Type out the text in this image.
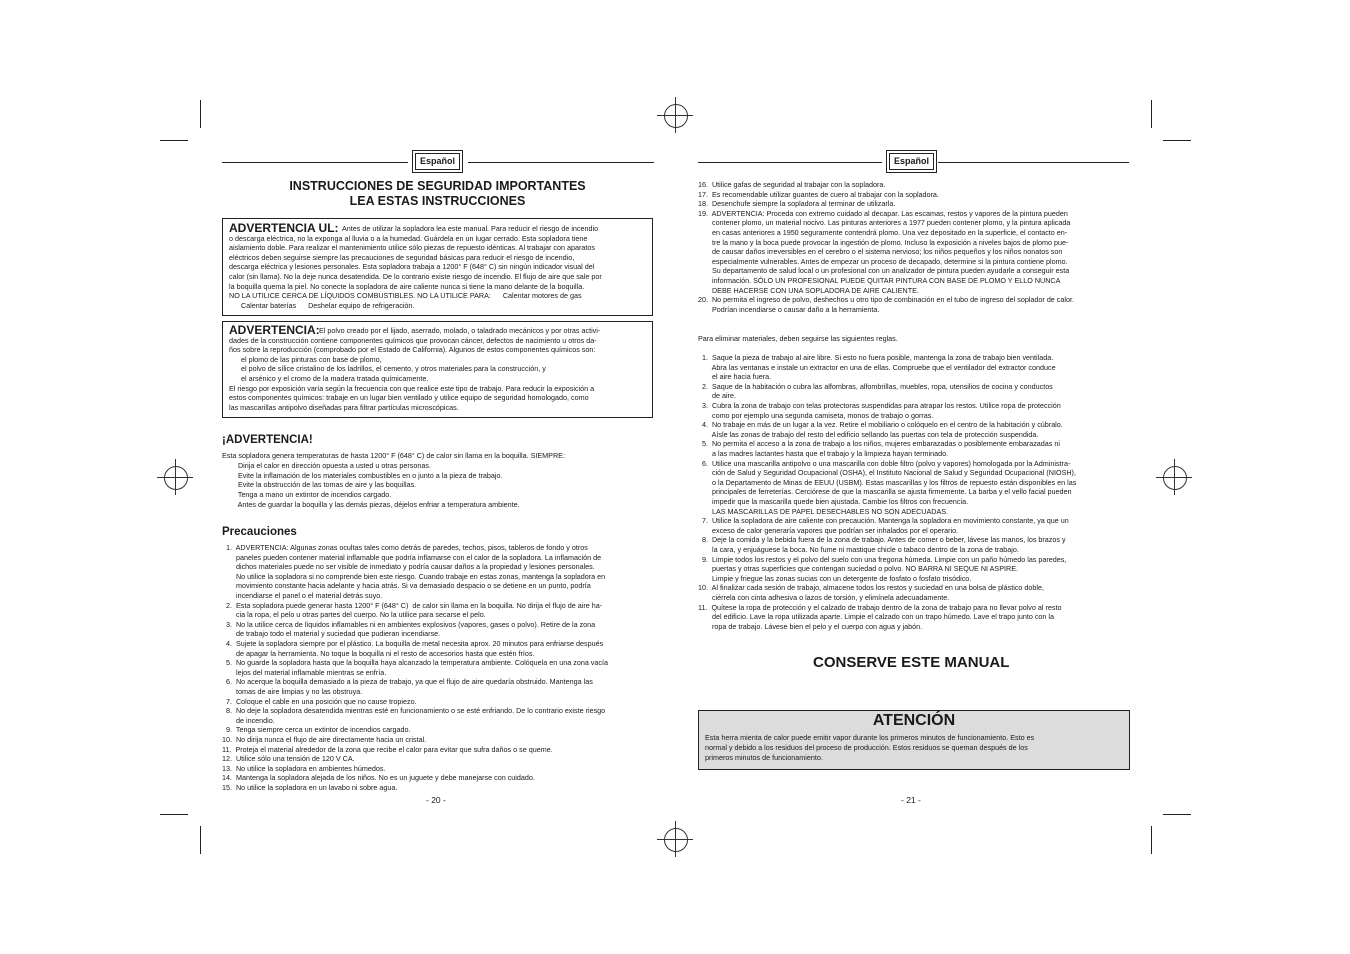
Español
INSTRUCCIONES DE SEGURIDAD IMPORTANTES
LEA ESTAS INSTRUCCIONES
ADVERTENCIA UL: Antes de utilizar la sopladora lea este manual. Para reducir el riesgo de incendio
o descarga eléctrica, no la exponga al lluvia o a la humedad. Guárdela en un lugar cerrado. Esta sopladora tiene
aislamiento doble. Para realizar el mantenimiento utilice sólo piezas de repuesto idénticas. Al trabajar con aparatos
eléctricos deben seguirse siempre las precauciones de seguridad básicas para reducir el riesgo de incendio,
descarga eléctrica y lesiones personales. Esta sopladora trabaja a 1200° F (648° C) sin ningún indicador visual del
calor (sin llama). No la deje nunca desatendida. De lo contrario existe riesgo de incendio. El flujo de aire que sale por
la boquilla quema la piel. No conecte la sopladora de aire caliente nunca si tiene la mano delante de la boquilla.
NO LA UTILICE CERCA DE LÍQUIDOS COMBUSTIBLES. NO LA UTILICE PARA:      Calentar motores de gas
Calentar baterías      Deshelar equipo de refrigeración.
ADVERTENCIA: El polvo creado por el lijado, aserrado, molado, o taladrado mecánicos y por otras activi-
dades de la construcción contiene componentes químicos que provocan cáncer, defectos de nacimiento u otros da-
ños sobre la reproducción (comprobado por el Estado de California). Algunos de estos componentes químicos son:
el plomo de las pinturas con base de plomo,
el polvo de sílice cristalino de los ladrillos, el cemento, y otros materiales para la construcción, y
el arsénico y el cromo de la madera tratada químicamente.
El riesgo por exposición varía según la frecuencia con que realice este tipo de trabajo. Para reducir la exposición a
estos componentes químicos: trabaje en un lugar bien ventilado y utilice equipo de seguridad homologado, como
las mascarillas antipolvo diseñadas para filtrar partículas microscópicas.
¡ADVERTENCIA!
Esta sopladora genera temperaturas de hasta 1200° F (648° C) de calor sin llama en la boquilla. SIEMPRE:
Dirija el calor en dirección opuesta a usted u otras personas.
Evite la inflamación de los materiales combustibles en o junto a la pieza de trabajo.
Evite la obstrucción de las tomas de aire y las boquillas.
Tenga a mano un extintor de incendios cargado.
Antes de guardar la boquilla y las demás piezas, déjelos enfriar a temperatura ambiente.
Precauciones
1.  ADVERTENCIA: Algunas zonas ocultas tales como detrás de paredes, techos, pisos, tableros de fondo y otros
paneles pueden contener material inflamable que podría inflamarse con el calor de la sopladora. La inflamación de
dichos materiales puede no ser visible de inmediato y podría causar daños a la propiedad y lesiones personales.
No utilice la sopladora si no comprende bien este riesgo. Cuando trabaje en estas zonas, mantenga la sopladora en
movimiento constante hacia adelante y hacia atrás. Si va demasiado despacio o se detiene en un punto, podría
incendiarse el panel o el material detrás suyo.
2.  Esta sopladora puede generar hasta 1200° F (648° C)  de calor sin llama en la boquilla. No dirija el flujo de aire ha-
cia la ropa, el pelo u otras partes del cuerpo. No la utilice para secarse el pelo.
3.  No la utilice cerca de líquidos inflamables ni en ambientes explosivos (vapores, gases o polvo). Retire de la zona
de trabajo todo el material y suciedad que pudieran incendiarse.
4.  Sujete la sopladora siempre por el plástico. La boquilla de metal necesita aprox. 20 minutos para enfriarse después
de apagar la herramienta. No toque la boquilla ni el resto de accesorios hasta que estén fríos.
5.  No guarde la sopladora hasta que la boquilla haya alcanzado la temperatura ambiente. Colóquela en una zona vacía
lejos del material inflamable mientras se enfría.
6.  No acerque la boquilla demasiado a la pieza de trabajo, ya que el flujo de aire quedaría obstruido. Mantenga las
tomas de aire limpias y no las obstruya.
7.  Coloque el cable en una posición que no cause tropiezo.
8.  No deje la sopladora desatendida mientras esté en funcionamiento o se esté enfriando. De lo contrario existe riesgo
de incendio.
9.  Tenga siempre cerca un extintor de incendios cargado.
10.  No dirija nunca el flujo de aire directamente hacia un cristal.
11.  Proteja el material alrededor de la zona que recibe el calor para evitar que sufra daños o se queme.
12.  Utilice sólo una tensión de 120 V CA.
13.  No utilice la sopladora en ambientes húmedos.
14.  Mantenga la sopladora alejada de los niños. No es un juguete y debe manejarse con cuidado.
15.  No utilice la sopladora en un lavabo ni sobre agua.
- 20 -
Español
16.  Utilice gafas de seguridad al trabajar con la sopladora.
17.  Es recomendable utilizar guantes de cuero al trabajar con la sopladora.
18.  Desenchufe siempre la sopladora al terminar de utilizarla.
19.  ADVERTENCIA: Proceda con extremo cuidado al decapar. Las escamas, restos y vapores de la pintura pueden
contener plomo, un material nocivo. Las pinturas anteriores a 1977 pueden contener plomo, y la pintura aplicada
en casas anteriores a 1950 seguramente contendrá plomo. Una vez depositado en la superficie, el contacto en-
tre la mano y la boca puede provocar la ingestión de plomo. Incluso la exposición a niveles bajos de plomo pue-
de causar daños irreversibles en el cerebro o el sistema nervioso; los niños pequeños y los niños nonatos son
especialmente vulnerables. Antes de empezar un proceso de decapado, determine si la pintura contiene plomo.
Su departamento de salud local o un profesional con un analizador de pintura pueden ayudarle a conseguir esta
información. SÓLO UN PROFESIONAL PUEDE QUITAR PINTURA CON BASE DE PLOMO Y ELLO NUNCA
DEBE HACERSE CON UNA SOPLADORA DE AIRE CALIENTE.
20.  No permita el ingreso de polvo, deshechos u otro tipo de combinación en el tubo de ingreso del soplador de calor.
Podrían incendiarse o causar daño a la herramienta.
Para eliminar materiales, deben seguirse las siguientes reglas.
1.  Saque la pieza de trabajo al aire libre. Si esto no fuera posible, mantenga la zona de trabajo bien ventilada.
Abra las ventanas e instale un extractor en una de ellas. Compruebe que el ventilador del extractor conduce
el aire hacia fuera.
2.  Saque de la habitación o cubra las alfombras, alfombrillas, muebles, ropa, utensilios de cocina y conductos
de aire.
3.  Cubra la zona de trabajo con telas protectoras suspendidas para atrapar los restos. Utilice ropa de protección
como por ejemplo una segunda camiseta, monos de trabajo o gorras.
4.  No trabaje en más de un lugar a la vez. Retire el mobiliario o colóquelo en el centro de la habitación y cúbralo.
Aísle las zonas de trabajo del resto del edificio sellando las puertas con tela de protección suspendida.
5.  No permita el acceso a la zona de trabajo a los niños, mujeres embarazadas o posiblemente embarazadas ni
a las madres lactantes hasta que el trabajo y la limpieza hayan terminado.
6.  Utilice una mascarilla antipolvo o una mascarilla con doble filtro (polvo y vapores) homologada por la Administra-
ción de Salud y Seguridad Ocupacional (OSHA), el Instituto Nacional de Salud y Seguridad Ocupacional (NIOSH),
o la Departamento de Minas de EEUU (USBM). Estas mascarillas y los filtros de repuesto están disponibles en las
principales de ferreterías. Cerciórese de que la mascarilla se ajusta firmemente. La barba y el vello facial pueden
impedir que la mascarilla quede bien ajustada. Cambie los filtros con frecuencia.
LAS MASCARILLAS DE PAPEL DESECHABLES NO SON ADECUADAS.
7.  Utilice la sopladora de aire caliente con precaución. Mantenga la sopladora en movimiento constante, ya que un
exceso de calor generaría vapores que podrían ser inhalados por el operario.
8.  Deje la comida y la bebida fuera de la zona de trabajo. Antes de comer o beber, lávese las manos, los brazos y
la cara, y enjuáguese la boca. No fume ni mastique chicle o tabaco dentro de la zona de trabajo.
9.  Limpie todos los restos y el polvo del suelo con una fregona húmeda. Limpie con un paño húmedo las paredes,
puertas y otras superficies que contengan suciedad o polvo. NO BARRA NI SEQUE NI ASPIRE.
Limpie y friegue las zonas sucias con un detergente de fosfato o fosfato trisódico.
10.  Al finalizar cada sesión de trabajo, almacene todos los restos y suciedad en una bolsa de plástico doble,
ciérrela con cinta adhesiva o lazos de torsión, y elimínela adecuadamente.
11.  Quítese la ropa de protección y el calzado de trabajo dentro de la zona de trabajo para no llevar polvo al resto
del edificio. Lave la ropa utilizada aparte. Limpie el calzado con un trapo húmedo. Lave el trapo junto con la
ropa de trabajo. Lávese bien el pelo y el cuerpo con agua y jabón.
CONSERVE ESTE MANUAL
ATENCIÓN
Esta herra mienta de calor puede emitir vapor durante los primeros minutos de funcionamiento. Esto es
normal y debido a los residuos del proceso de producción. Estos residuos se queman después de los
primeros minutos de funcionamiento.
- 21 -
